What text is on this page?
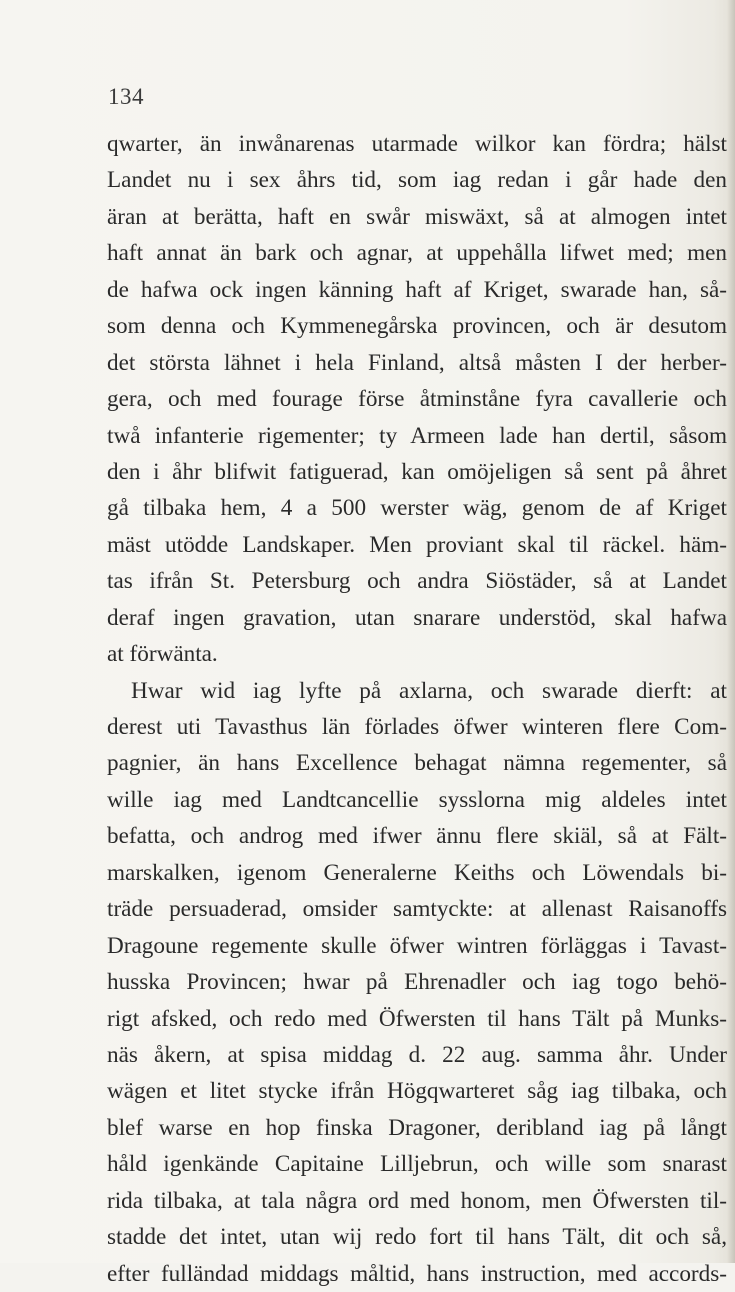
134
qwarter, än inwånarenas utarmade wilkor kan fördra; hälst
Landet nu i sex åhrs tid, som iag redan i går hade den
äran at berätta, haft en swår miswäxt, så at almogen intet
haft annat än bark och agnar, at uppehålla lifwet med; men
de hafwa ock ingen känning haft af Kriget, swarade han, så-
som denna och Kymmenegårska provincen, och är desutom
det största lähnet i hela Finland, altså måsten I der herber-
gera, och med fourage förse åtminståne fyra cavallerie och
twå infanterie rigementer; ty Armeen lade han dertil, såsom
den i åhr blifwit fatiguerad, kan omöjeligen så sent på åhret
gå tilbaka hem, 4 a 500 werster wäg, genom de af Kriget
mäst utödde Landskaper. Men proviant skal til räckel. häm-
tas ifrån St. Petersburg och andra Siöstäder, så at Landet
deraf ingen gravation, utan snarare understöd, skal hafwa
at förwänta.
Hwar wid iag lyfte på axlarna, och swarade dierft: at
derest uti Tavasthus län förlades öfwer winteren flere Com-
pagnier, än hans Excellence behagat nämna regementer, så
wille iag med Landtcancellie sysslorna mig aldeles intet
befatta, och androg med ifwer ännu flere skiäl, så at Fält-
marskalken, igenom Generalerne Keiths och Löwendals bi-
träde persuaderad, omsider samtyckte: at allenast Raisanoffs
Dragoune regemente skulle öfwer wintren förläggas i Tavast-
husska Provincen; hwar på Ehrenadler och iag togo behö-
rigt afsked, och redo med Öfwersten til hans Tält på Munks-
näs åkern, at spisa middag d. 22 aug. samma åhr. Under
wägen et litet stycke ifrån Högqwarteret såg iag tilbaka, och
blef warse en hop finska Dragoner, deribland iag på långt
håld igenkände Capitaine Lilljebrun, och wille som snarast
rida tilbaka, at tala några ord med honom, men Öfwersten til-
stadde det intet, utan wij redo fort til hans Tält, dit och så,
efter fulländad middags måltid, hans instruction, med accords-
